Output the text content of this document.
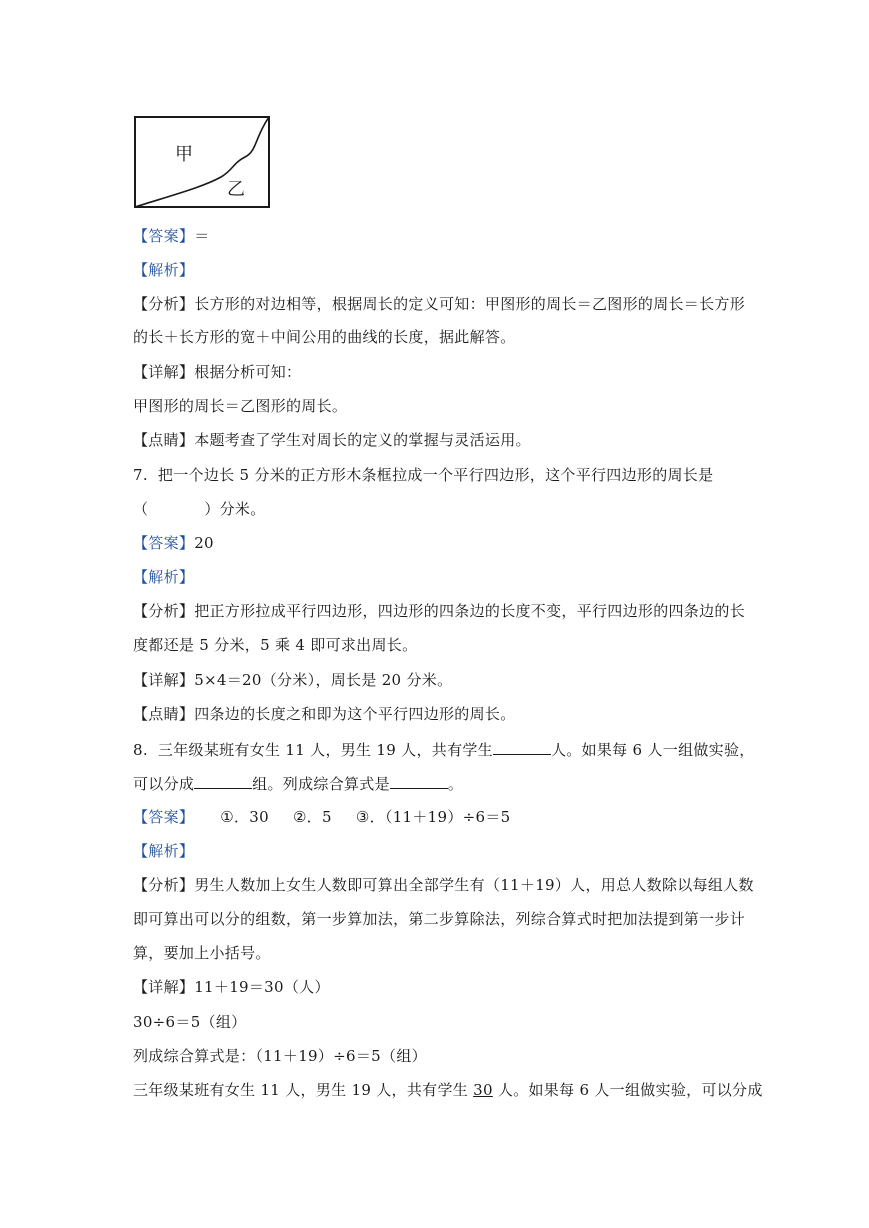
甲
乙
【答案】＝
【解析】
【分析】长方形的对边相等，根据周长的定义可知：甲图形的周长＝乙图形的周长＝长方形
的长＋长方形的宽＋中间公用的曲线的长度，据此解答。
【详解】根据分析可知：
甲图形的周长＝乙图形的周长。
【点睛】本题考查了学生对周长的定义的掌握与灵活运用。
7. 把一个边长 5 分米的正方形木条框拉成一个平行四边形，这个平行四边形的周长是
（	）分米。
【答案】20
【解析】
【分析】把正方形拉成平行四边形，四边形的四条边的长度不变，平行四边形的四条边的长
度都还是 5 分米，5 乘 4 即可求出周长。
【详解】5×4＝20（分米），周长是 20 分米。
【点睛】四条边的长度之和即为这个平行四边形的周长。
8. 三年级某班有女生 11 人，男生 19 人，共有学生	人。如果每 6 人一组做实验，
可以分成	组。列成综合算式是	。
【答案】 ①．30 ②．5 ③．（11＋19）÷6＝5
【解析】
【分析】男生人数加上女生人数即可算出全部学生有（11＋19）人，用总人数除以每组人数
即可算出可以分的组数，第一步算加法，第二步算除法，列综合算式时把加法提到第一步计
算，要加上小括号。
【详解】11＋19＝30（人）
30÷6＝5（组）
列成综合算式是：（11＋19）÷6＝5（组）
三年级某班有女生 11 人，男生 19 人，共有学生 30 人。如果每 6 人一组做实验，可以分成
